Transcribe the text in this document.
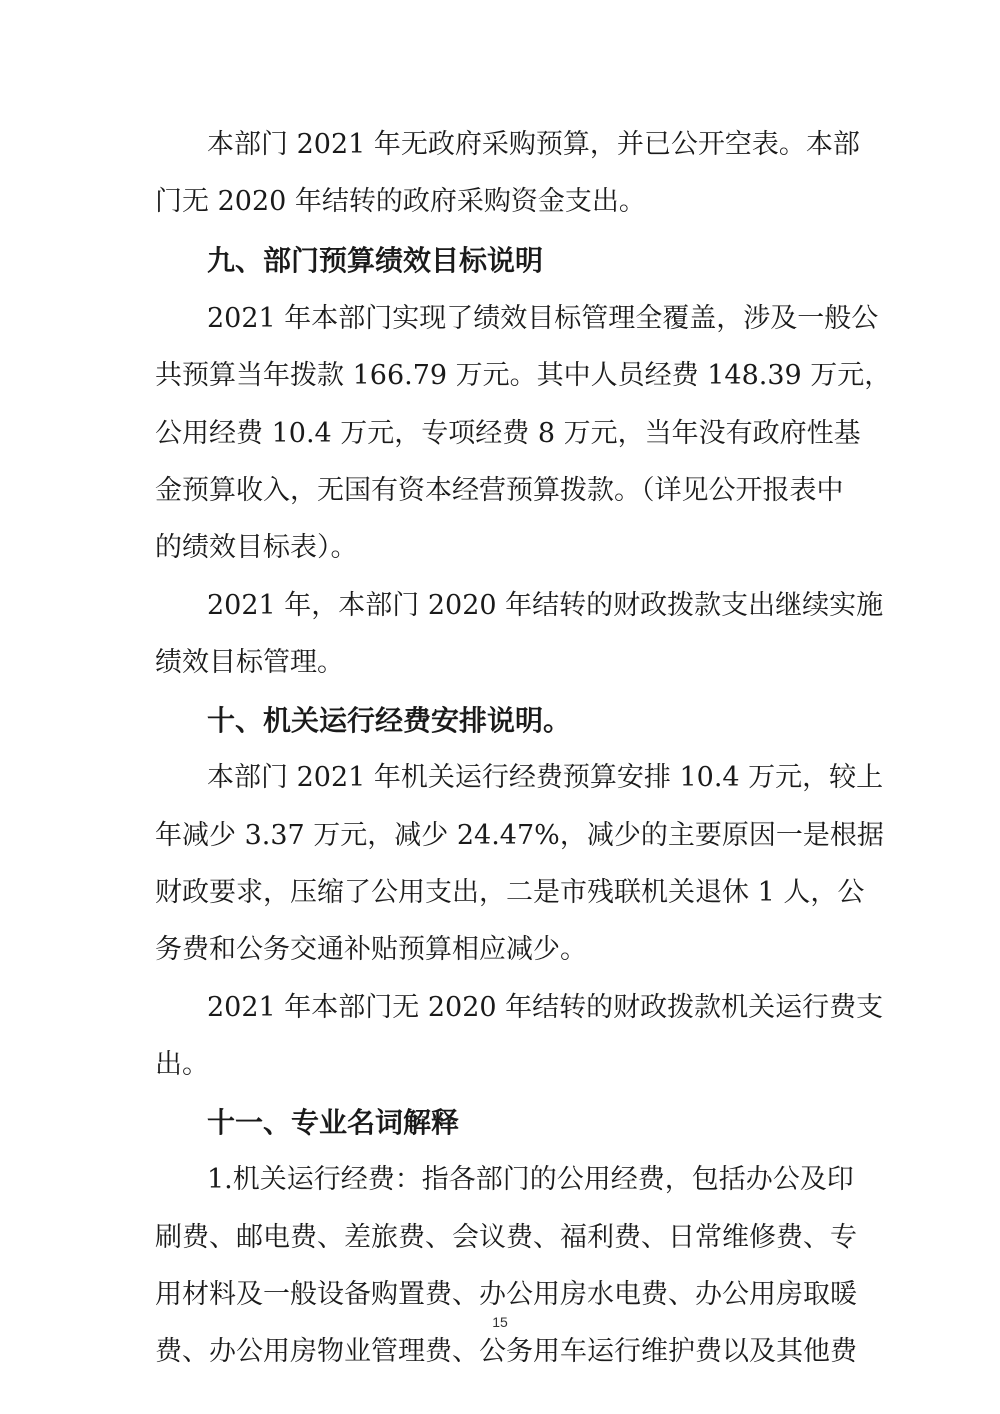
本部门 2021 年无政府采购预算，并已公开空表。本部
门无 2020 年结转的政府采购资金支出。
九、部门预算绩效目标说明
2021 年本部门实现了绩效目标管理全覆盖，涉及一般公
共预算当年拨款 166.79 万元。其中人员经费 148.39 万元，
公用经费 10.4 万元，专项经费 8 万元，当年没有政府性基
金预算收入，无国有资本经营预算拨款。（详见公开报表中
的绩效目标表）。
2021 年，本部门 2020 年结转的财政拨款支出继续实施
绩效目标管理。
十、机关运行经费安排说明。
本部门 2021 年机关运行经费预算安排 10.4 万元，较上
年减少 3.37 万元，减少 24.47%，减少的主要原因一是根据
财政要求，压缩了公用支出，二是市残联机关退休 1 人，公
务费和公务交通补贴预算相应减少。
2021 年本部门无 2020 年结转的财政拨款机关运行费支
出。
十一、专业名词解释
1.机关运行经费：指各部门的公用经费，包括办公及印
刷费、邮电费、差旅费、会议费、福利费、日常维修费、专
用材料及一般设备购置费、办公用房水电费、办公用房取暖
费、办公用房物业管理费、公务用车运行维护费以及其他费
15
